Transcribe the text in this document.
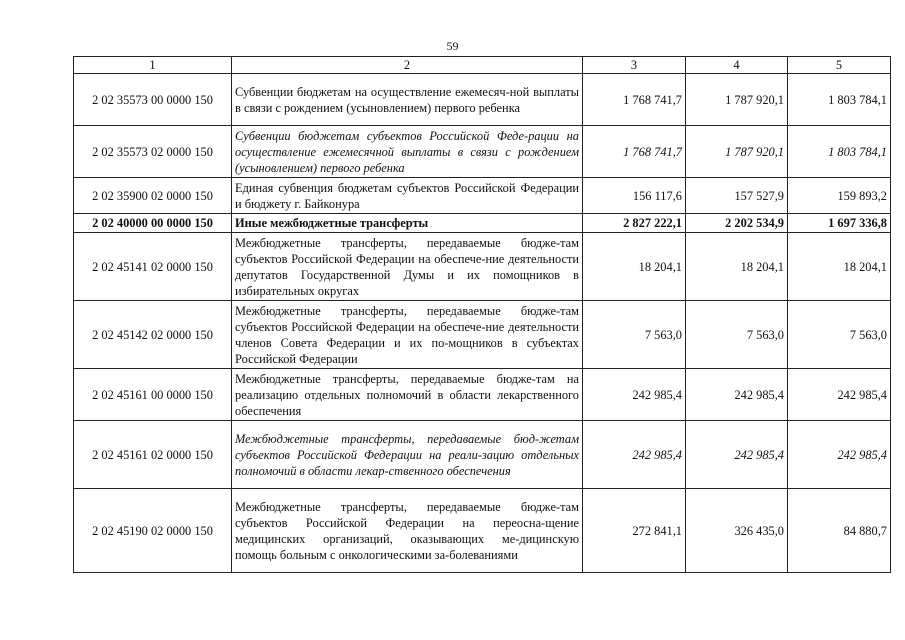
59
1	2	3	4	5
2 02 35573 00 0000 150	Субвенции бюджетам на осуществление ежемесяч-ной выплаты в связи с рождением (усыновлением) первого ребенка	1 768 741,7	1 787 920,1	1 803 784,1
2 02 35573 02 0000 150	Субвенции бюджетам субъектов Российской Феде-рации на осуществление ежемесячной выплаты в связи с рождением (усыновлением) первого ребенка	1 768 741,7	1 787 920,1	1 803 784,1
2 02 35900 02 0000 150	Единая субвенция бюджетам субъектов Российской Федерации и бюджету г. Байконура	156 117,6	157 527,9	159 893,2
2 02 40000 00 0000 150	Иные межбюджетные трансферты	2 827 222,1	2 202 534,9	1 697 336,8
2 02 45141 02 0000 150	Межбюджетные трансферты, передаваемые бюдже-там субъектов Российской Федерации на обеспече-ние деятельности депутатов Государственной Думы и их помощников в избирательных округах	18 204,1	18 204,1	18 204,1
2 02 45142 02 0000 150	Межбюджетные трансферты, передаваемые бюдже-там субъектов Российской Федерации на обеспече-ние деятельности членов Совета Федерации и их по-мощников в субъектах Российской Федерации	7 563,0	7 563,0	7 563,0
2 02 45161 00 0000 150	Межбюджетные трансферты, передаваемые бюдже-там на реализацию отдельных полномочий в области лекарственного обеспечения	242 985,4	242 985,4	242 985,4
2 02 45161 02 0000 150	Межбюджетные трансферты, передаваемые бюд-жетам субъектов Российской Федерации на реали-зацию отдельных полномочий в области лекар-ственного обеспечения	242 985,4	242 985,4	242 985,4
2 02 45190 02 0000 150	Межбюджетные трансферты, передаваемые бюдже-там субъектов Российской Федерации на переосна-щение медицинских организаций, оказывающих ме-дицинскую помощь больным с онкологическими за-болеваниями	272 841,1	326 435,0	84 880,7
